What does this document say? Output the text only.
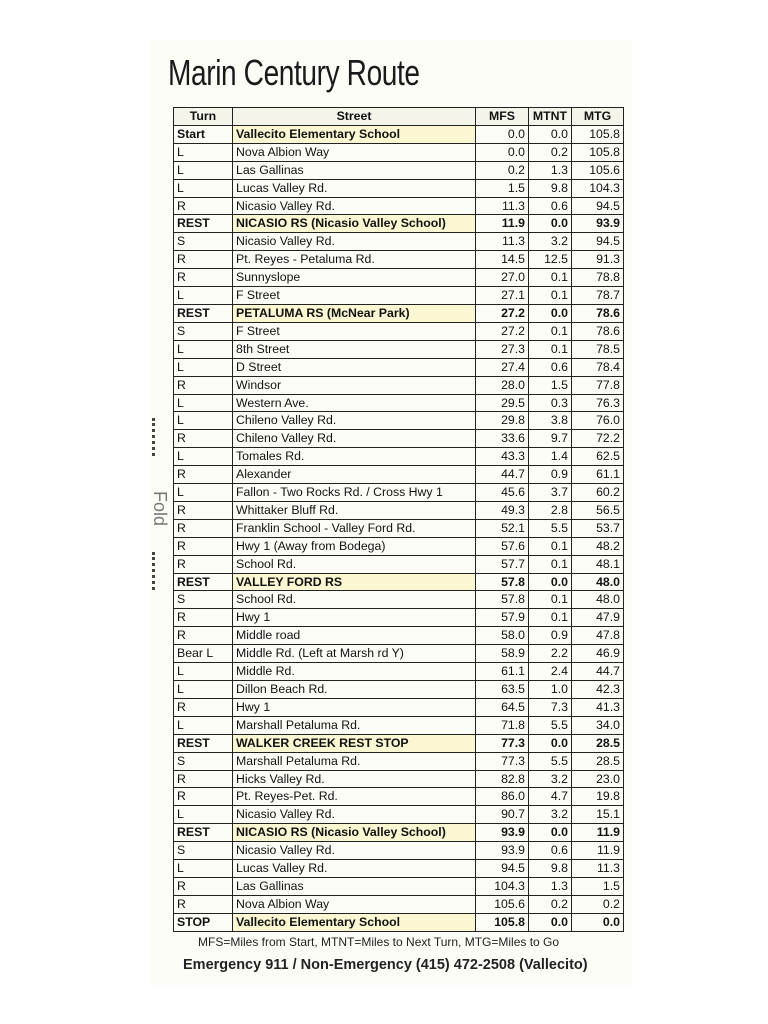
Marin Century Route
Fold
Turn	Street	MFS	MTNT	MTG
Start	Vallecito Elementary School	0.0	0.0	105.8
L	Nova Albion Way	0.0	0.2	105.8
L	Las Gallinas	0.2	1.3	105.6
L	Lucas Valley Rd.	1.5	9.8	104.3
R	Nicasio Valley Rd.	11.3	0.6	94.5
REST	NICASIO RS (Nicasio Valley School)	11.9	0.0	93.9
S	Nicasio Valley Rd.	11.3	3.2	94.5
R	Pt. Reyes - Petaluma Rd.	14.5	12.5	91.3
R	Sunnyslope	27.0	0.1	78.8
L	F Street	27.1	0.1	78.7
REST	PETALUMA RS (McNear Park)	27.2	0.0	78.6
S	F Street	27.2	0.1	78.6
L	8th Street	27.3	0.1	78.5
L	D Street	27.4	0.6	78.4
R	Windsor	28.0	1.5	77.8
L	Western Ave.	29.5	0.3	76.3
L	Chileno Valley Rd.	29.8	3.8	76.0
R	Chileno Valley Rd.	33.6	9.7	72.2
L	Tomales Rd.	43.3	1.4	62.5
R	Alexander	44.7	0.9	61.1
L	Fallon - Two Rocks Rd. / Cross Hwy 1	45.6	3.7	60.2
R	Whittaker Bluff Rd.	49.3	2.8	56.5
R	Franklin School - Valley Ford Rd.	52.1	5.5	53.7
R	Hwy 1 (Away from Bodega)	57.6	0.1	48.2
R	School Rd.	57.7	0.1	48.1
REST	VALLEY FORD RS	57.8	0.0	48.0
S	School Rd.	57.8	0.1	48.0
R	Hwy 1	57.9	0.1	47.9
R	Middle road	58.0	0.9	47.8
Bear L	Middle Rd. (Left at Marsh rd Y)	58.9	2.2	46.9
L	Middle Rd.	61.1	2.4	44.7
L	Dillon Beach Rd.	63.5	1.0	42.3
R	Hwy 1	64.5	7.3	41.3
L	Marshall Petaluma Rd.	71.8	5.5	34.0
REST	WALKER CREEK REST STOP	77.3	0.0	28.5
S	Marshall Petaluma Rd.	77.3	5.5	28.5
R	Hicks Valley Rd.	82.8	3.2	23.0
R	Pt. Reyes-Pet. Rd.	86.0	4.7	19.8
L	Nicasio Valley Rd.	90.7	3.2	15.1
REST	NICASIO RS (Nicasio Valley School)	93.9	0.0	11.9
S	Nicasio Valley Rd.	93.9	0.6	11.9
L	Lucas Valley Rd.	94.5	9.8	11.3
R	Las Gallinas	104.3	1.3	1.5
R	Nova Albion Way	105.6	0.2	0.2
STOP	Vallecito Elementary School	105.8	0.0	0.0
MFS=Miles from Start, MTNT=Miles to Next Turn, MTG=Miles to Go
Emergency 911 / Non-Emergency (415) 472-2508 (Vallecito)
